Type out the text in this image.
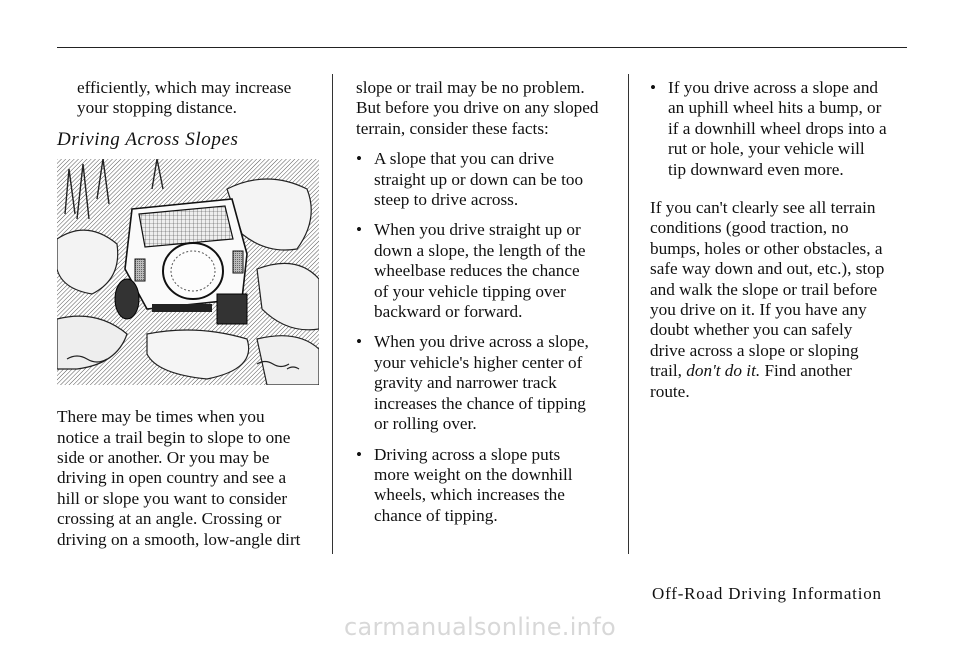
efficiently, which may increase
your stopping distance.
Driving Across Slopes
There may be times when you
notice a trail begin to slope to one
side or another. Or you may be
driving in open country and see a
hill or slope you want to consider
crossing at an angle. Crossing or
driving on a smooth, low-angle dirt
slope or trail may be no problem.
But before you drive on any sloped
terrain, consider these facts:
• A slope that you can drive
straight up or down can be too
steep to drive across.
• When you drive straight up or
down a slope, the length of the
wheelbase reduces the chance
of your vehicle tipping over
backward or forward.
• When you drive across a slope,
your vehicle's higher center of
gravity and narrower track
increases the chance of tipping
or rolling over.
• Driving across a slope puts
more weight on the downhill
wheels, which increases the
chance of tipping.
• If you drive across a slope and
an uphill wheel hits a bump, or
if a downhill wheel drops into a
rut or hole, your vehicle will
tip downward even more.
If you can't clearly see all terrain
conditions (good traction, no
bumps, holes or other obstacles, a
safe way down and out, etc.), stop
and walk the slope or trail before
you drive on it. If you have any
doubt whether you can safely
drive across a slope or sloping
trail, don't do it. Find another
route.
Off-Road Driving Information
carmanualsonline.info
